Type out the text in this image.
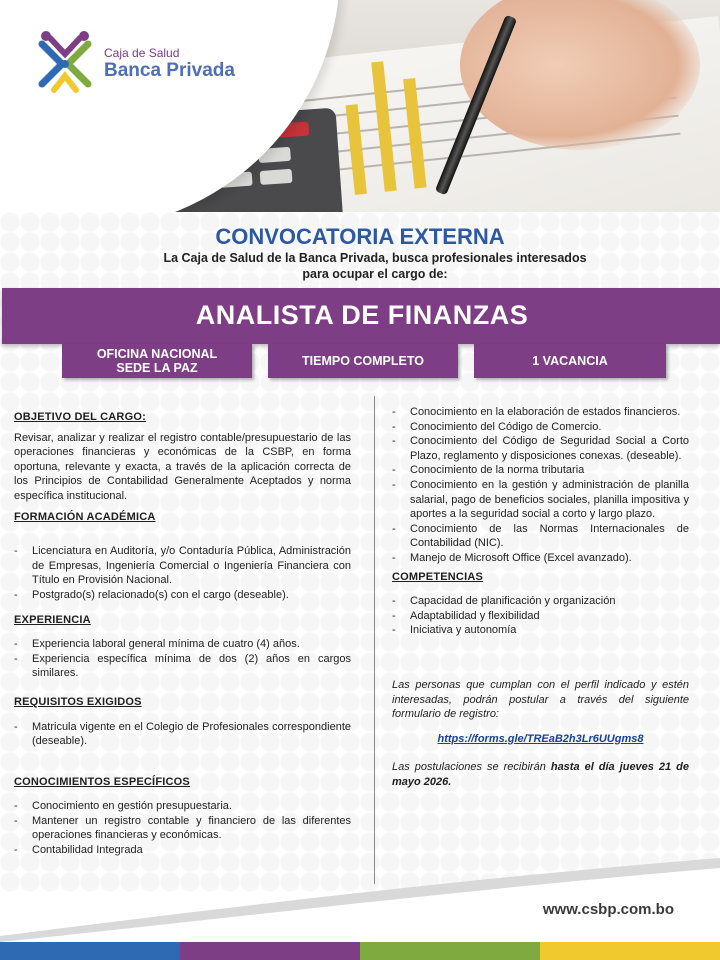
Caja de Salud
Banca Privada
CONVOCATORIA EXTERNA
La Caja de Salud de la Banca Privada, busca profesionales interesados
para ocupar el cargo de:
ANALISTA DE FINANZAS
OFICINA NACIONAL
SEDE LA PAZ	TIEMPO COMPLETO	1 VACANCIA
OBJETIVO DEL CARGO:
Revisar, analizar y realizar el registro contable/presupuestario de las operaciones financieras y económicas de la CSBP, en forma oportuna, relevante y exacta, a través de la aplicación correcta de los Principios de Contabilidad Generalmente Aceptados y norma específica institucional.
FORMACIÓN ACADÉMICA
- Licenciatura en Auditoría, y/o Contaduría Pública, Administración de Empresas, Ingeniería Comercial o Ingeniería Financiera con Título en Provisión Nacional.
- Postgrado(s) relacionado(s) con el cargo (deseable).
EXPERIENCIA
- Experiencia laboral general mínima de cuatro (4) años.
- Experiencia específica mínima de dos (2) años en cargos similares.
REQUISITOS EXIGIDOS
- Matricula vigente en el Colegio de Profesionales correspondiente (deseable).
CONOCIMIENTOS ESPECÍFICOS
- Conocimiento en gestión presupuestaria.
- Mantener un registro contable y financiero de las diferentes operaciones financieras y económicas.
- Contabilidad Integrada
- Conocimiento en la elaboración de estados financieros.
- Conocimiento del Código de Comercio.
- Conocimiento del Código de Seguridad Social a Corto Plazo, reglamento y disposiciones conexas. (deseable).
- Conocimiento de la norma tributaria
- Conocimiento en la gestión y administración de planilla salarial, pago de beneficios sociales, planilla impositiva y aportes a la seguridad social a corto y largo plazo.
- Conocimiento de las Normas Internacionales de Contabilidad (NIC).
- Manejo de Microsoft Office (Excel avanzado).
COMPETENCIAS
- Capacidad de planificación y organización
- Adaptabilidad y flexibilidad
- Iniciativa y autonomía
Las personas que cumplan con el perfil indicado y estén interesadas, podrán postular a través del siguiente formulario de registro:
https://forms.gle/TREaB2h3Lr6UUgms8
Las postulaciones se recibirán hasta el día jueves 21 de mayo 2026.
www.csbp.com.bo
